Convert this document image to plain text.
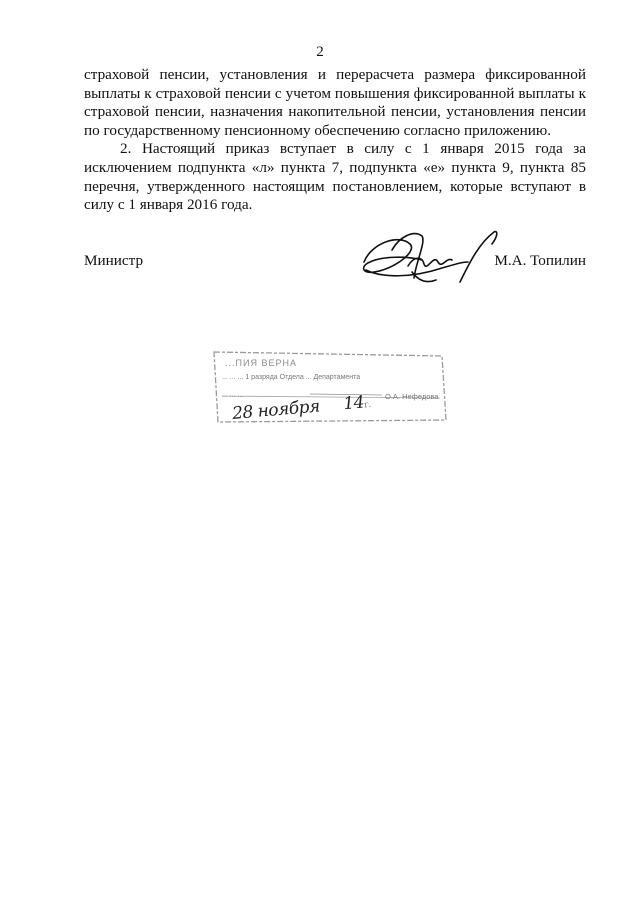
2
страховой пенсии, установления и перерасчета размера фиксированной
выплаты к страховой пенсии с учетом повышения фиксированной выплаты к
страховой пенсии, назначения накопительной пенсии, установления пенсии
по государственному пенсионному обеспечению согласно приложению.
2. Настоящий приказ вступает в силу с 1 января 2015 года за
исключением подпункта «л» пункта 7, подпункта «е» пункта 9, пункта 85
перечня, утвержденного настоящим постановлением, которые вступают в
силу с 1 января 2016 года.
Министр	М.А. Топилин
...ПИЯ ВЕРНА
... ... ... 1 разряда Отдела ... Департамента
... ... ...	О.А. Нефедова
28 ноября 14г.
